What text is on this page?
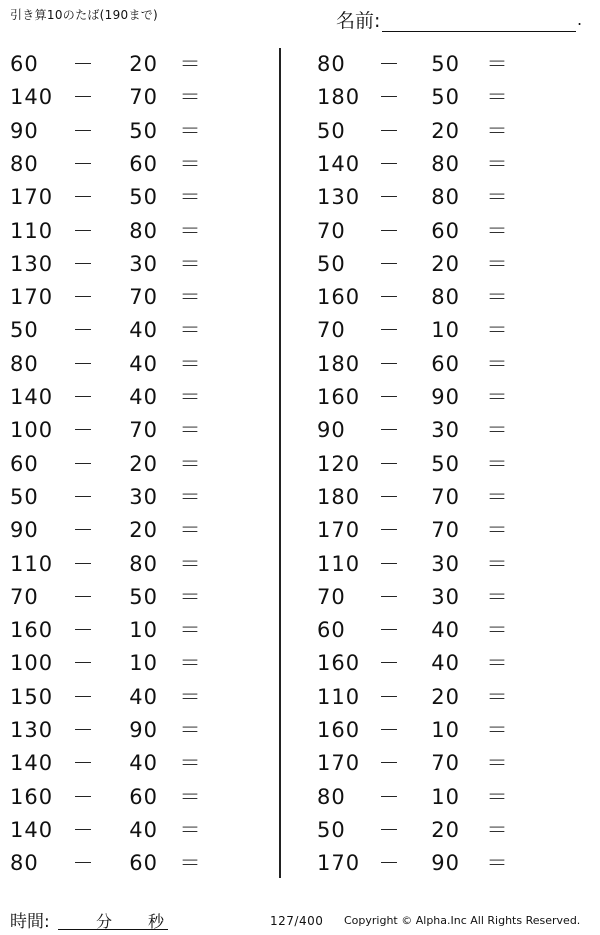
引き算10のたば(190まで)	名前:	.
60	－	20 ＝
140 －	70 ＝
90	－	50 ＝
80	－	60 ＝
170 －	50 ＝
110 －	80 ＝
130 －	30 ＝
170 －	70 ＝
50	－	40 ＝
80	－	40 ＝
140 －	40 ＝
100 －	70 ＝
60	－	20 ＝
50	－	30 ＝
90	－	20 ＝
110 －	80 ＝
70	－	50 ＝
160 －	10 ＝
100 －	10 ＝
150 －	40 ＝
130 －	90 ＝
140 －	40 ＝
160 －	60 ＝
140 －	40 ＝
80	－	60 ＝
80	－	50 ＝
180 －	50 ＝
50	－	20 ＝
140 －	80 ＝
130 －	80 ＝
70	－	60 ＝
50	－	20 ＝
160 －	80 ＝
70	－	10 ＝
180 －	60 ＝
160 －	90 ＝
90	－	30 ＝
120 －	50 ＝
180 －	70 ＝
170 －	70 ＝
110 －	30 ＝
70	－	30 ＝
60	－	40 ＝
160 －	40 ＝
110 －	20 ＝
160 －	10 ＝
170 －	70 ＝
80	－	10 ＝
50	－	20 ＝
170 －	90 ＝
時間:	分 秒	127/400 Copyright © Alpha.Inc All Rights Reserved.
